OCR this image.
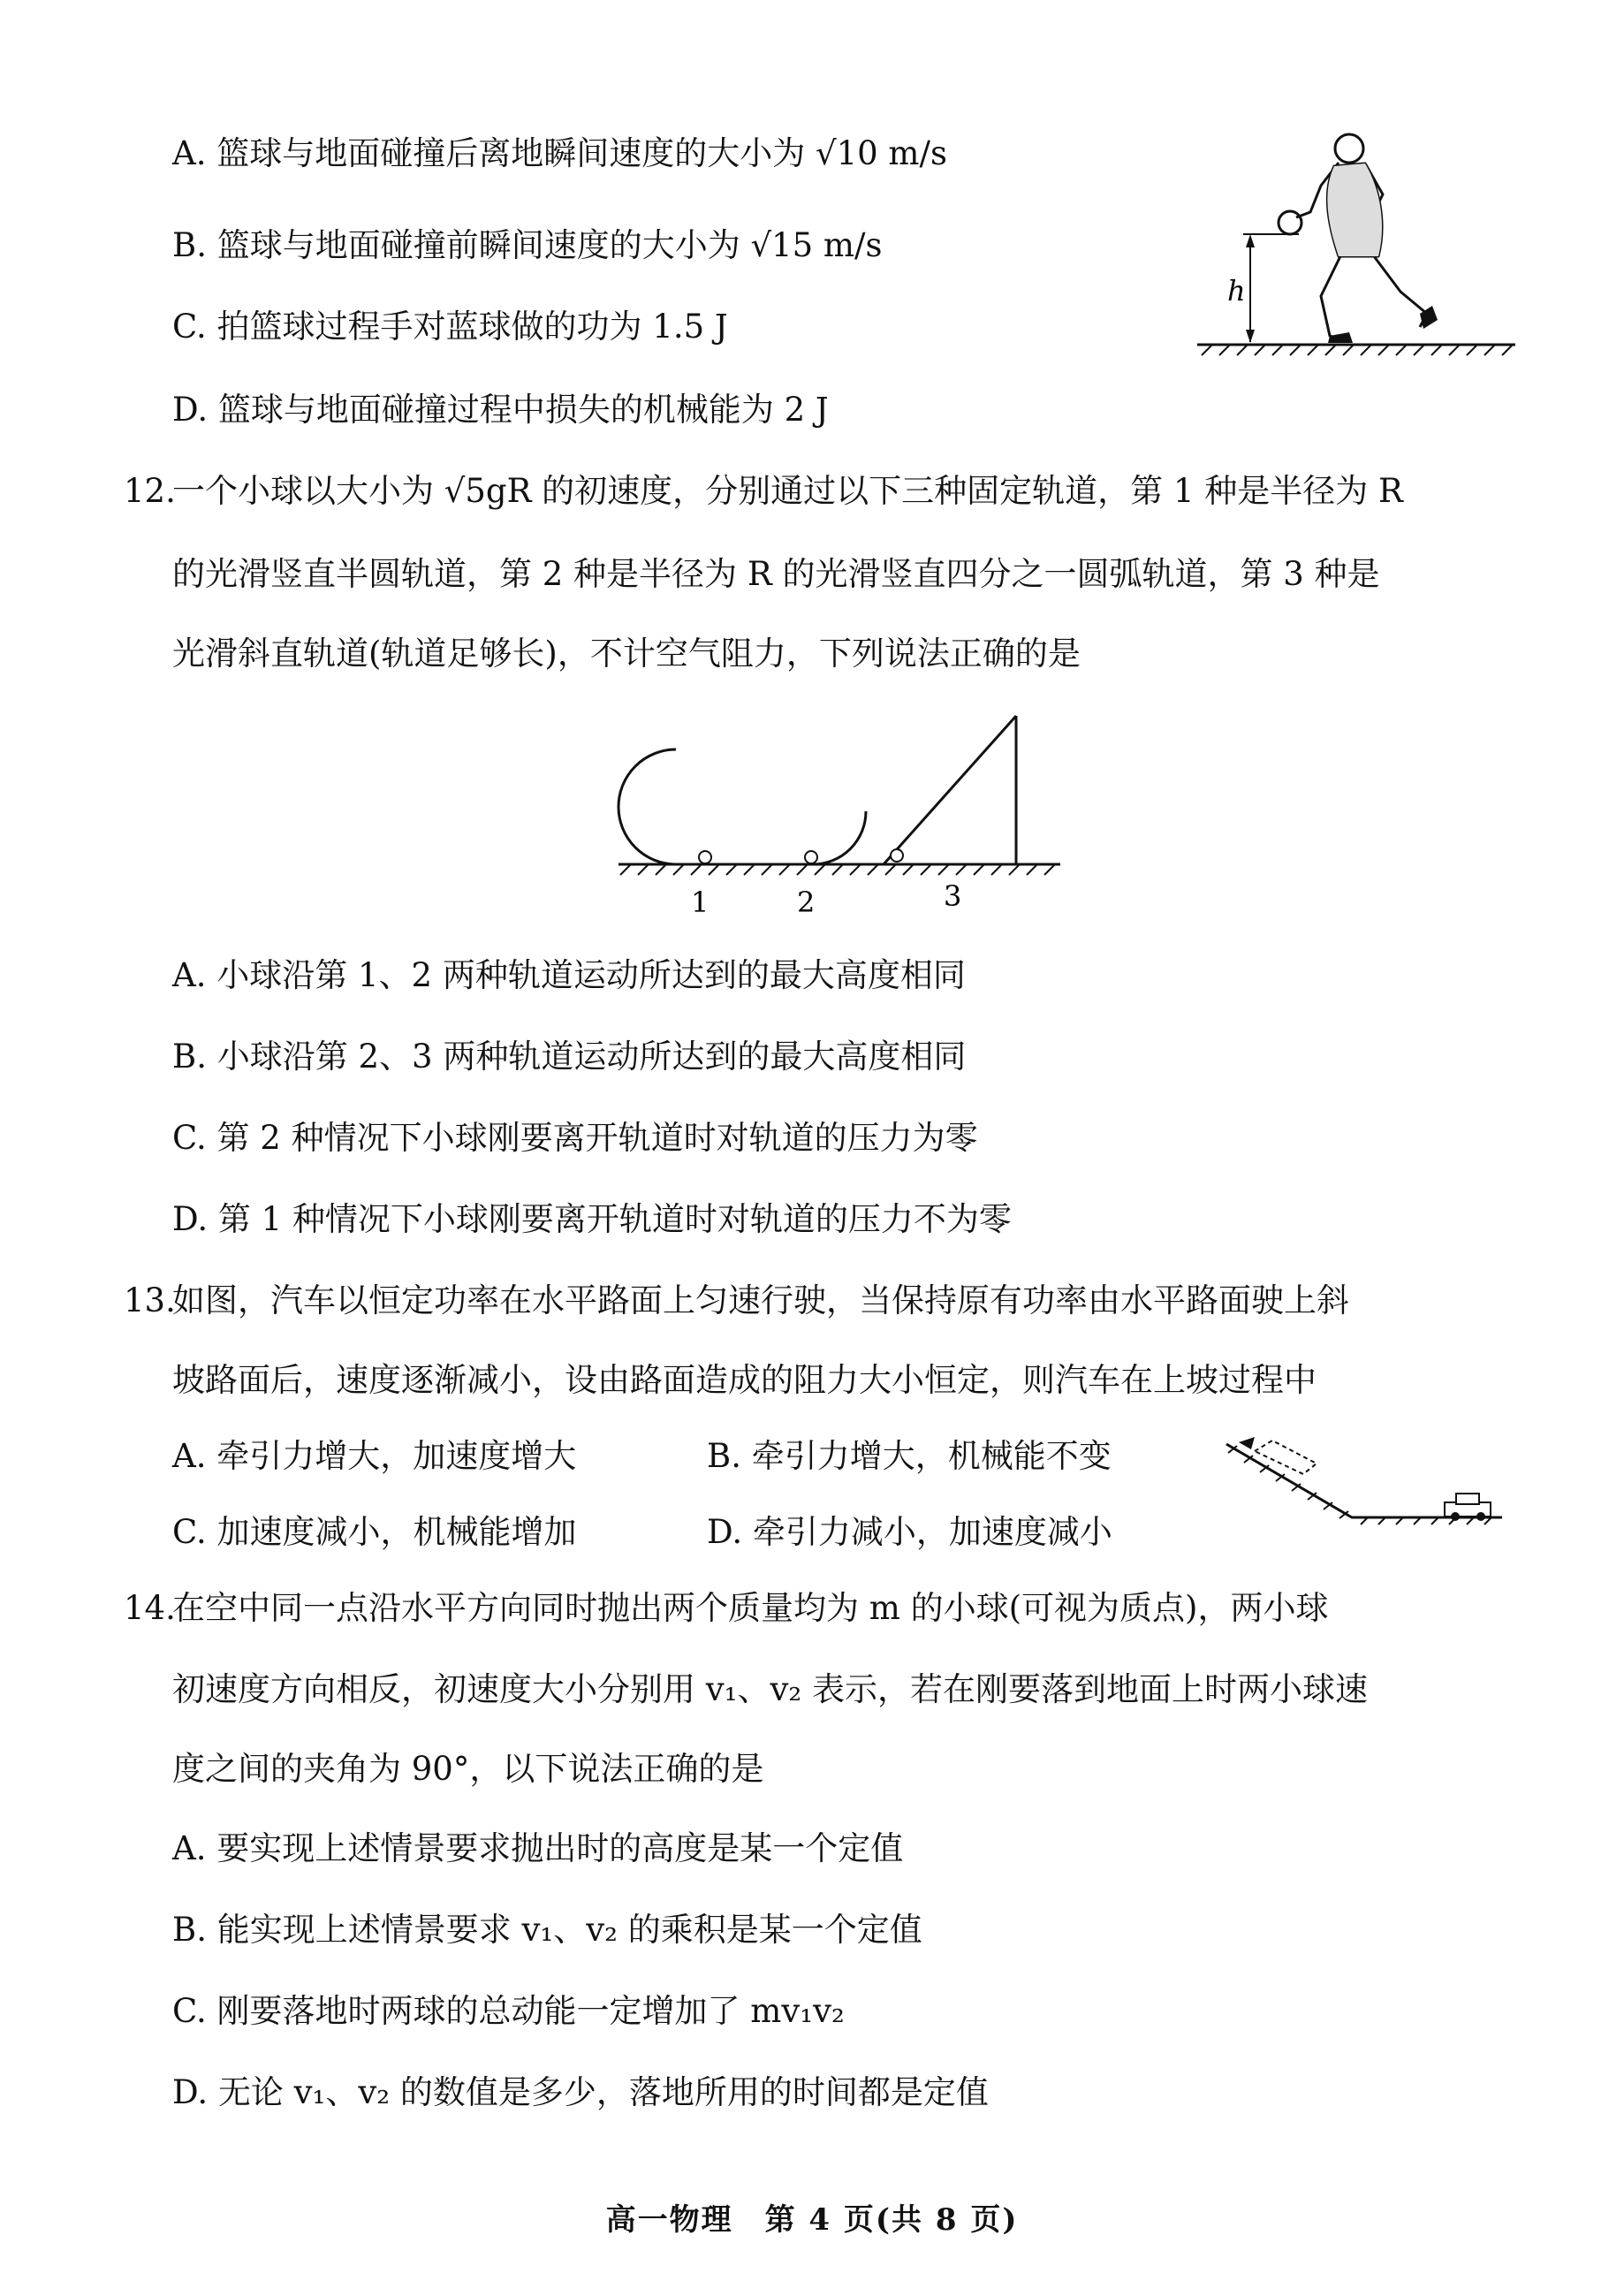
A. 篮球与地面碰撞后离地瞬间速度的大小为 √10 m/s
B. 篮球与地面碰撞前瞬间速度的大小为 √15 m/s
C. 拍篮球过程手对蓝球做的功为 1.5 J
D. 篮球与地面碰撞过程中损失的机械能为 2 J
h
12.
一个小球以大小为 √5gR 的初速度，分别通过以下三种固定轨道，第 1 种是半径为 R
的光滑竖直半圆轨道，第 2 种是半径为 R 的光滑竖直四分之一圆弧轨道，第 3 种是
光滑斜直轨道(轨道足够长)，不计空气阻力，下列说法正确的是
1	2	3
A. 小球沿第 1、2 两种轨道运动所达到的最大高度相同
B. 小球沿第 2、3 两种轨道运动所达到的最大高度相同
C. 第 2 种情况下小球刚要离开轨道时对轨道的压力为零
D. 第 1 种情况下小球刚要离开轨道时对轨道的压力不为零
13.
如图，汽车以恒定功率在水平路面上匀速行驶，当保持原有功率由水平路面驶上斜
坡路面后，速度逐渐减小，设由路面造成的阻力大小恒定，则汽车在上坡过程中
A. 牵引力增大，加速度增大	B. 牵引力增大，机械能不变
C. 加速度减小，机械能增加	D. 牵引力减小，加速度减小
14.
在空中同一点沿水平方向同时抛出两个质量均为 m 的小球(可视为质点)，两小球
初速度方向相反，初速度大小分别用 v₁、v₂ 表示，若在刚要落到地面上时两小球速
度之间的夹角为 90°，以下说法正确的是
A. 要实现上述情景要求抛出时的高度是某一个定值
B. 能实现上述情景要求 v₁、v₂ 的乘积是某一个定值
C. 刚要落地时两球的总动能一定增加了 mv₁v₂
D. 无论 v₁、v₂ 的数值是多少，落地所用的时间都是定值
高一物理　第 4 页(共 8 页)
